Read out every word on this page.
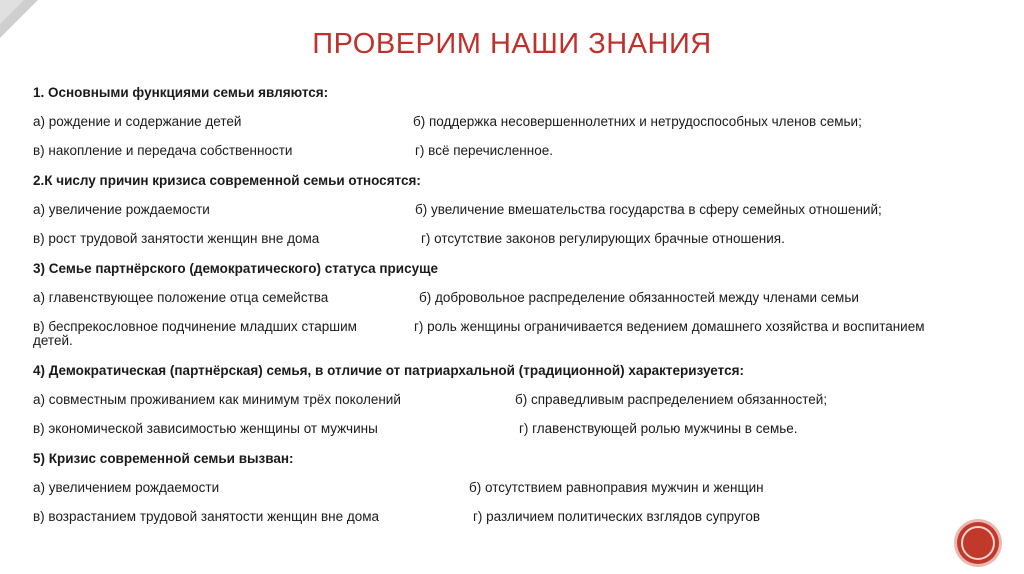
ПРОВЕРИМ НАШИ ЗНАНИЯ
1. Основными функциями семьи являются:
а) рождение и содержание детей	б) поддержка несовершеннолетних и нетрудоспособных членов семьи;
в) накопление и передача собственности	г) всё перечисленное.
2.К числу причин кризиса современной семьи относятся:
а) увеличение рождаемости	б) увеличение вмешательства государства в сферу семейных отношений;
в) рост трудовой занятости женщин вне дома	г) отсутствие законов регулирующих брачные отношения.
3) Семье партнёрского (демократического) статуса присуще
а) главенствующее положение отца семейства	б) добровольное распределение обязанностей между членами семьи
в) беспрекословное подчинение младших старшим	г) роль женщины ограничивается ведением домашнего хозяйства и воспитанием
детей.
4) Демократическая (партнёрская) семья, в отличие от патриархальной (традиционной) характеризуется:
а) совместным проживанием как минимум трёх поколений	б) справедливым распределением обязанностей;
в) экономической зависимостью женщины от мужчины	г) главенствующей ролью мужчины в семье.
5) Кризис современной семьи вызван:
а) увеличением рождаемости	б) отсутствием равноправия мужчин и женщин
в) возрастанием трудовой занятости женщин вне дома	г) различием политических взглядов супругов
